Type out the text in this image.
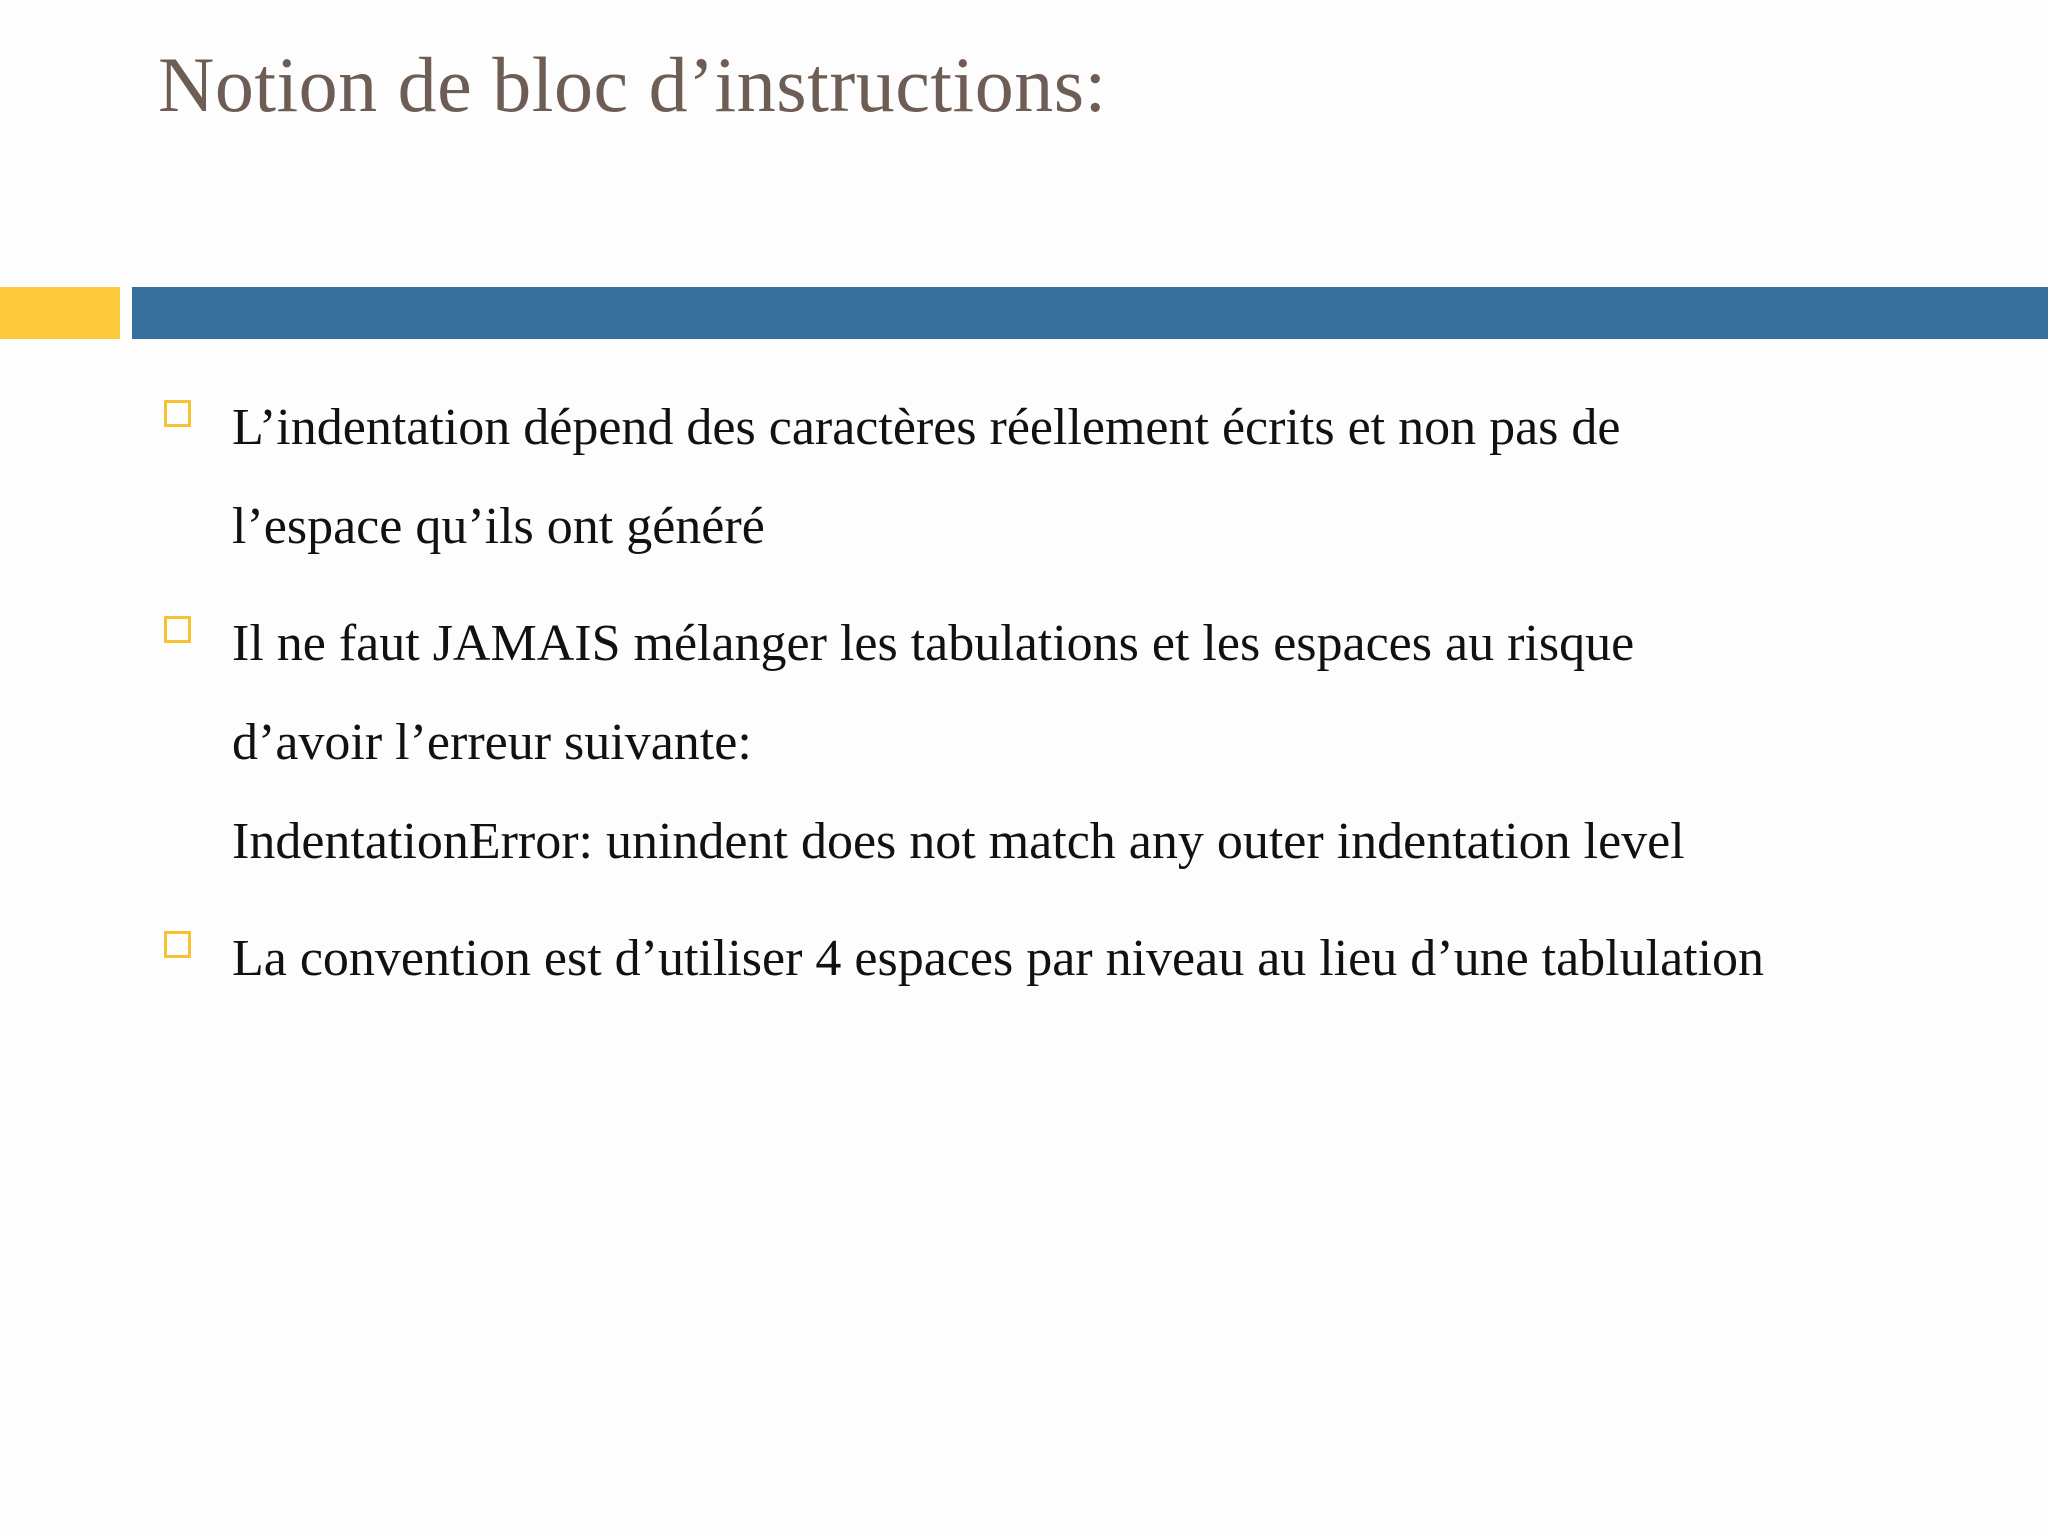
Notion de bloc d’instructions:
L’indentation dépend des caractères réellement écrits et non pas de
l’espace qu’ils ont généré
Il ne faut JAMAIS mélanger les tabulations et les espaces au risque
d’avoir l’erreur suivante:
IndentationError: unindent does not match any outer indentation level
La convention est d’utiliser 4 espaces par niveau au lieu d’une tablulation
